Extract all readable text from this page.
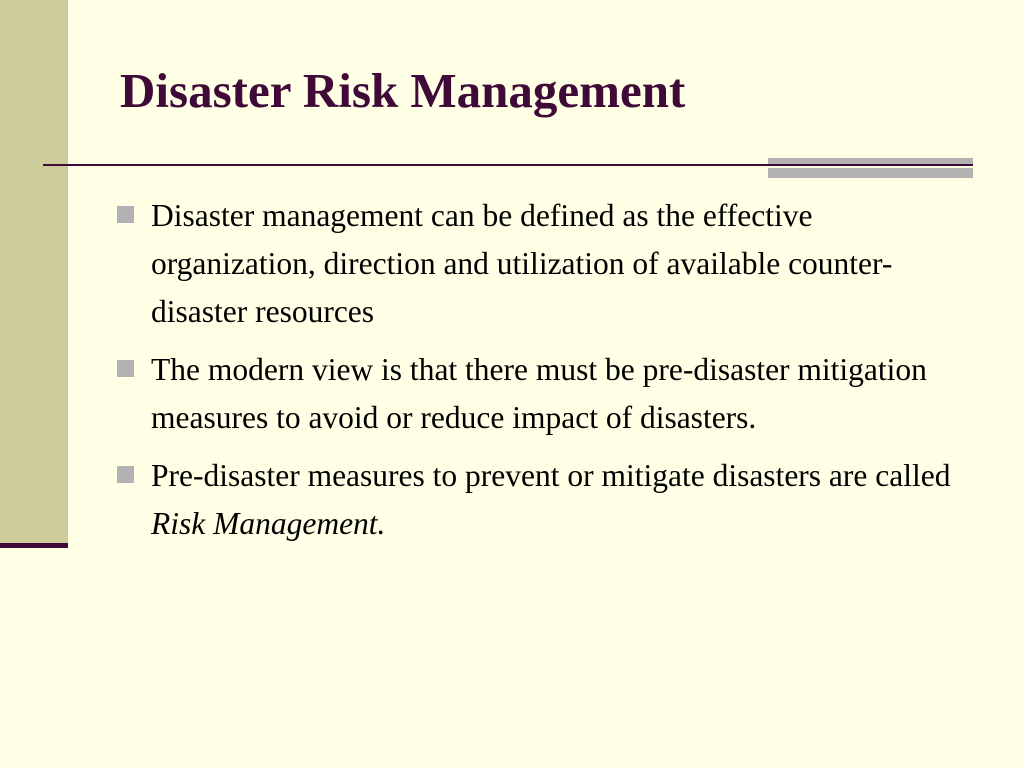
Disaster Risk Management
Disaster management can be defined as the effective organization, direction and utilization of available counter-disaster resources
The modern view is that there must be pre-disaster mitigation measures to avoid or reduce impact of disasters.
Pre-disaster measures to prevent or mitigate disasters are called Risk Management.
